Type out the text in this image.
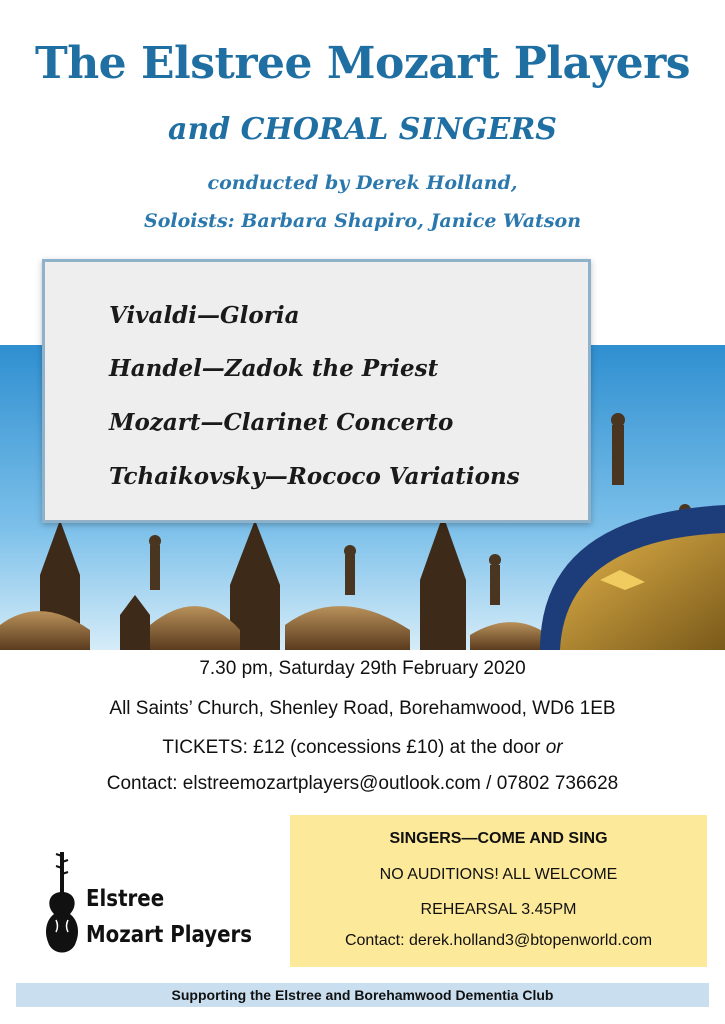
The Elstree Mozart Players
and CHORAL SINGERS
conducted by Derek Holland,
Soloists: Barbara Shapiro, Janice Watson
Vivaldi—Gloria
Handel—Zadok the Priest
Mozart—Clarinet Concerto
Tchaikovsky—Rococo Variations
7.30 pm, Saturday 29th February 2020
All Saints’ Church, Shenley Road, Borehamwood, WD6 1EB
TICKETS: £12 (concessions £10) at the door or
Contact: elstreemozartplayers@outlook.com / 07802 736628
Elstree
Mozart Players
SINGERS—COME AND SING
NO AUDITIONS! ALL WELCOME
REHEARSAL 3.45PM
Contact: derek.holland3@btopenworld.com
Supporting the Elstree and Borehamwood Dementia Club
